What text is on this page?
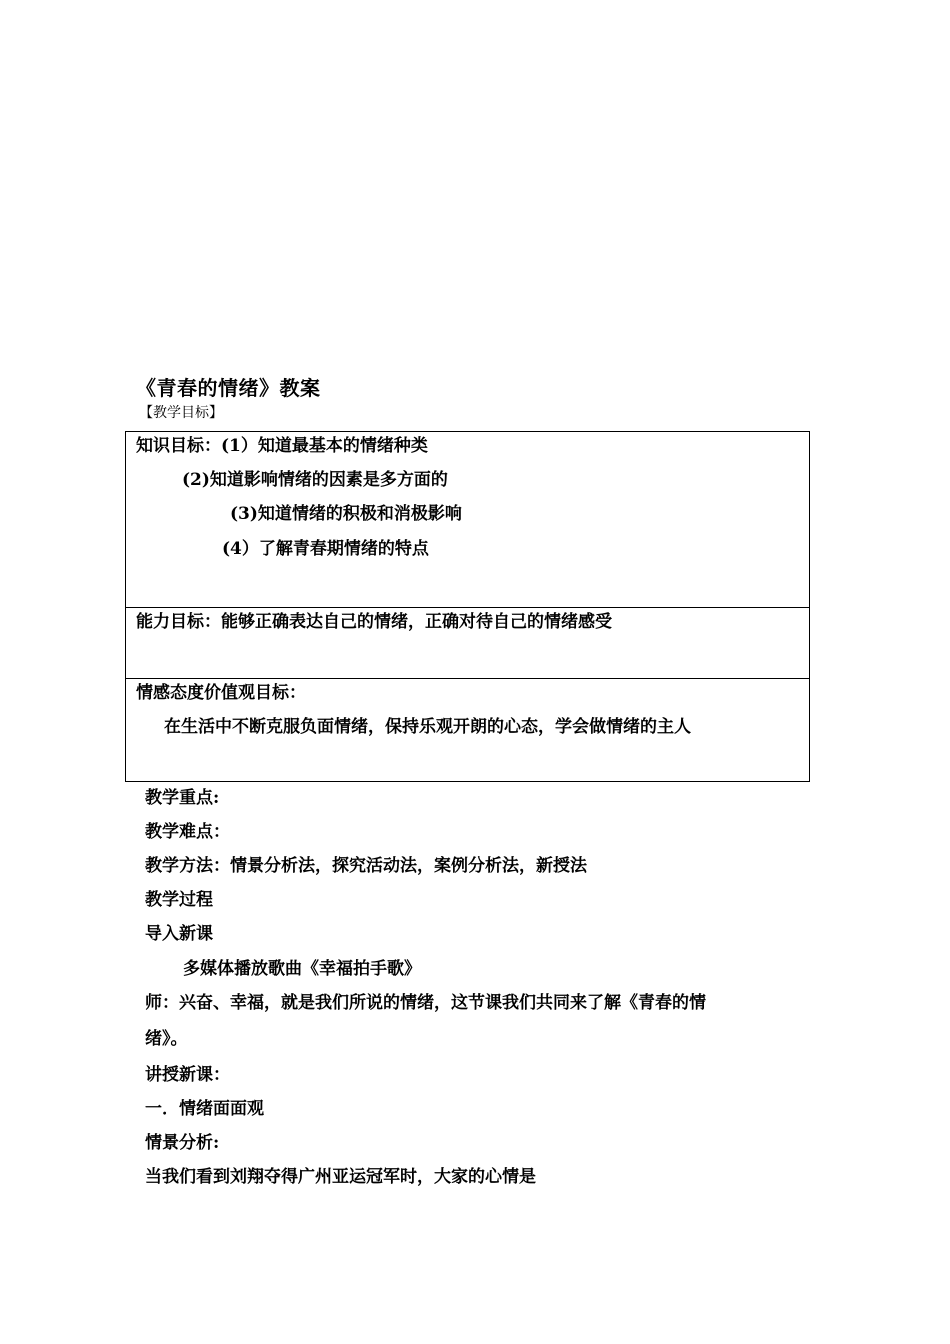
《青春的情绪》教案
【教学目标】
知识目标：(1）知道最基本的情绪种类
(2)知道影响情绪的因素是多方面的
(3)知道情绪的积极和消极影响
(4）了解青春期情绪的特点
能力目标：能够正确表达自己的情绪，正确对待自己的情绪感受
情感态度价值观目标：
在生活中不断克服负面情绪，保持乐观开朗的心态，学会做情绪的主人
教学重点:
教学难点：
教学方法：情景分析法，探究活动法，案例分析法，新授法
教学过程
导入新课
多媒体播放歌曲《幸福拍手歌》
师：兴奋、幸福，就是我们所说的情绪，这节课我们共同来了解《青春的情
绪》。
讲授新课：
一．情绪面面观
情景分析:
当我们看到刘翔夺得广州亚运冠军时，大家的心情是
